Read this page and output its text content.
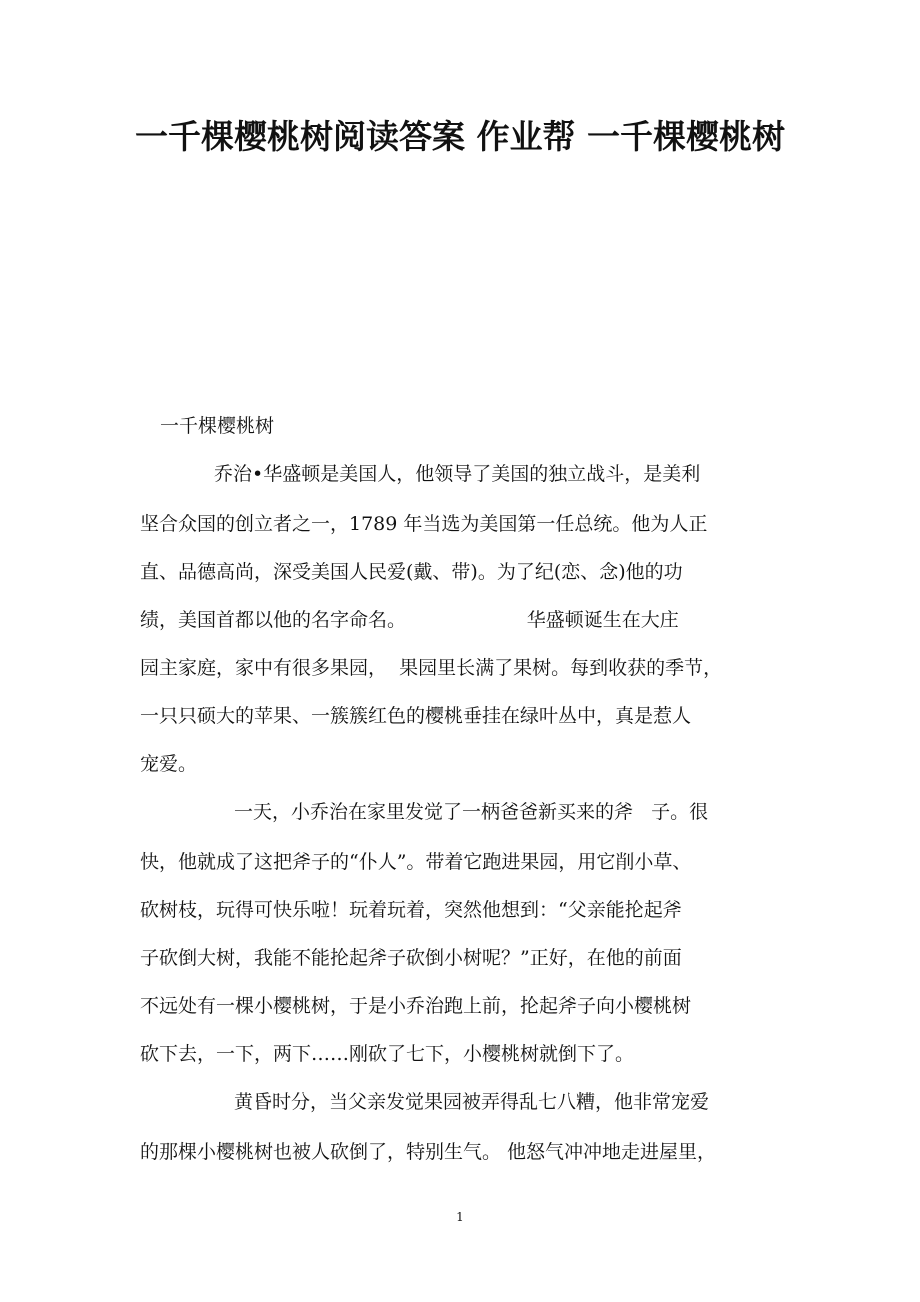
一千棵樱桃树阅读答案 作业帮 一千棵樱桃树

一千棵樱桃树

乔治•华盛顿是美国人，他领导了美国的独立战斗，是美利

坚合众国的创立者之一，1789 年当选为美国第一任总统。他为人正

直、品德高尚，深受美国人民爱(戴、带)。为了纪(恋、念)他的功

绩，美国首都以他的名字命名。                    华盛顿诞生在大庄

园主家庭，家中有很多果园，  果园里长满了果树。每到收获的季节，

一只只硕大的苹果、一簇簇红色的樱桃垂挂在绿叶丛中，真是惹人

宠爱。

一天，小乔治在家里发觉了一柄爸爸新买来的斧   子。很

快，他就成了这把斧子的“仆人”。带着它跑进果园，用它削小草、

砍树枝，玩得可快乐啦！玩着玩着，突然他想到：“父亲能抡起斧

子砍倒大树，我能不能抡起斧子砍倒小树呢？”正好，在他的前面

不远处有一棵小樱桃树，于是小乔治跑上前，抡起斧子向小樱桃树

砍下去，一下，两下……刚砍了七下，小樱桃树就倒下了。

黄昏时分，当父亲发觉果园被弄得乱七八糟，他非常宠爱

的那棵小樱桃树也被人砍倒了，特别生气。 他怒气冲冲地走进屋里，

1
